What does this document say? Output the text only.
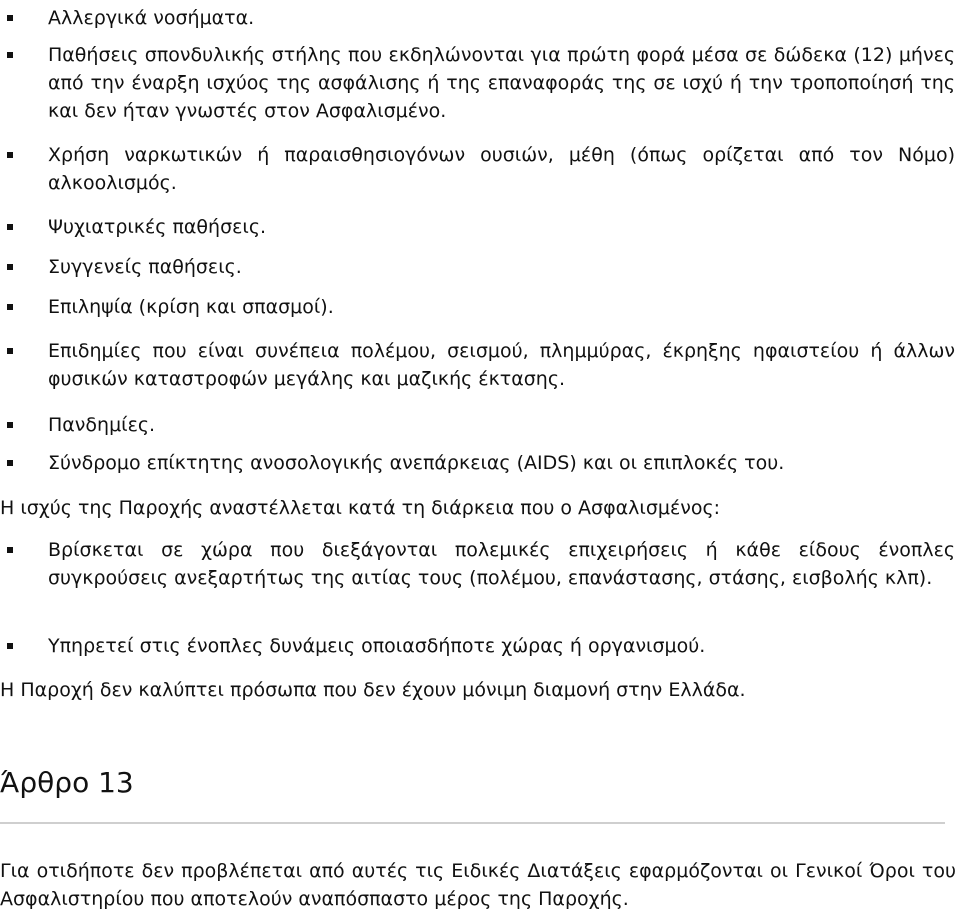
Αλλεργικά νοσήματα.
Παθήσεις σπονδυλικής στήλης που εκδηλώνονται για πρώτη φορά μέσα σε δώδεκα (12) μήνες από την έναρξη ισχύος της ασφάλισης ή της επαναφοράς της σε ισχύ ή την τροποποίησή της και δεν ήταν γνωστές στον Ασφαλισμένο.
Χρήση ναρκωτικών ή παραισθησιογόνων ουσιών, μέθη (όπως ορίζεται από τον Νόμο) αλκοολισμός.
Ψυχιατρικές παθήσεις.
Συγγενείς παθήσεις.
Επιληψία (κρίση και σπασμοί).
Επιδημίες που είναι συνέπεια πολέμου, σεισμού, πλημμύρας, έκρηξης ηφαιστείου ή άλλων φυσικών καταστροφών μεγάλης και μαζικής έκτασης.
Πανδημίες.
Σύνδρομο επίκτητης ανοσολογικής ανεπάρκειας (AIDS) και οι επιπλοκές του.
Η ισχύς της Παροχής αναστέλλεται κατά τη διάρκεια που ο Ασφαλισμένος:
Βρίσκεται σε χώρα που διεξάγονται πολεμικές επιχειρήσεις ή κάθε είδους ένοπλες συγκρούσεις ανεξαρτήτως της αιτίας τους (πολέμου, επανάστασης, στάσης, εισβολής κλπ).
Υπηρετεί στις ένοπλες δυνάμεις οποιασδήποτε χώρας ή οργανισμού.
Η Παροχή δεν καλύπτει πρόσωπα που δεν έχουν μόνιμη διαμονή στην Ελλάδα.
Άρθρο 13
Για οτιδήποτε δεν προβλέπεται από αυτές τις Ειδικές Διατάξεις εφαρμόζονται οι Γενικοί Όροι του Ασφαλιστηρίου που αποτελούν αναπόσπαστο μέρος της Παροχής.
